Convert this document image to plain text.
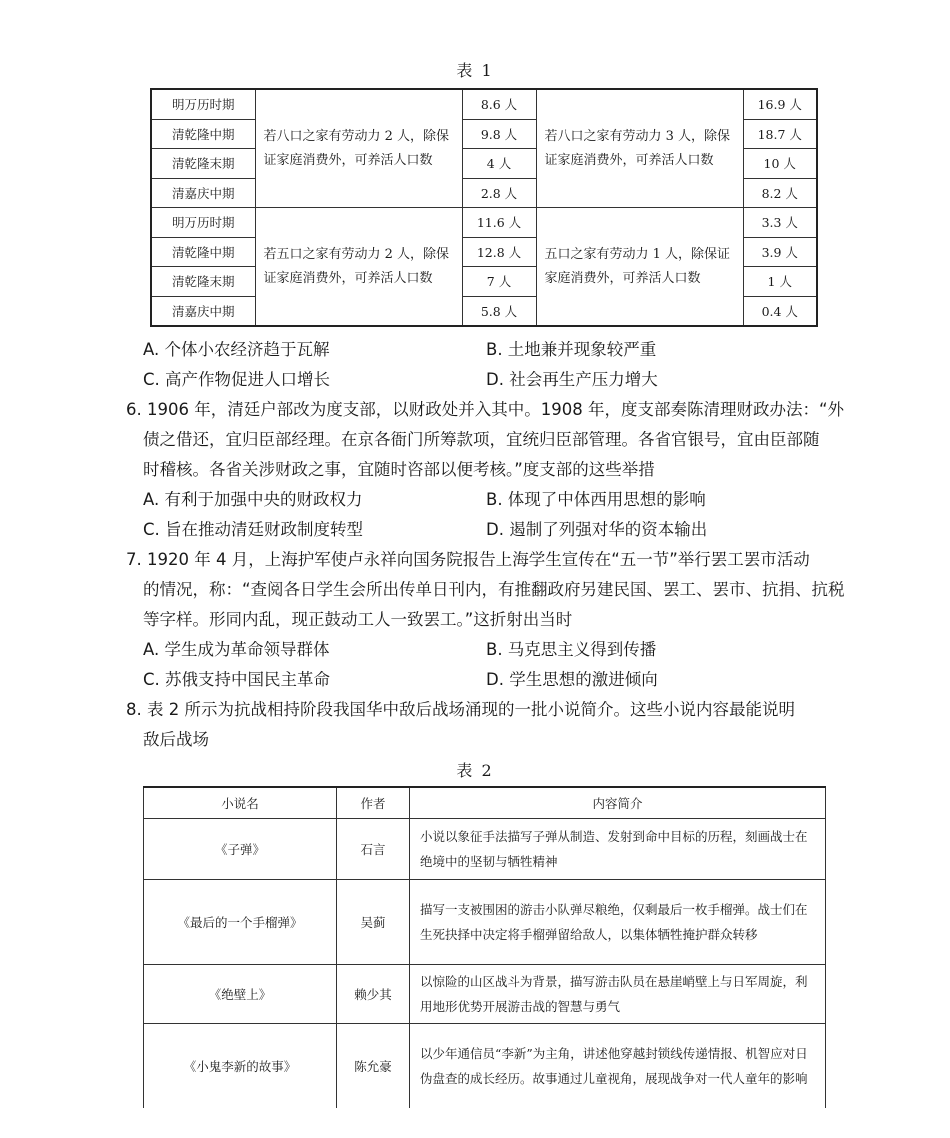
表 1
明万历时期	若八口之家有劳动力 2 人，除保证家庭消费外，可养活人口数	8.6 人	若八口之家有劳动力 3 人，除保证家庭消费外，可养活人口数	16.9 人
清乾隆中期		9.8 人		18.7 人
清乾隆末期		4 人		10 人
清嘉庆中期		2.8 人		8.2 人
明万历时期	若五口之家有劳动力 2 人，除保证家庭消费外，可养活人口数	11.6 人	五口之家有劳动力 1 人，除保证家庭消费外，可养活人口数	3.3 人
清乾隆中期		12.8 人		3.9 人
清乾隆末期		7 人		1 人
清嘉庆中期		5.8 人		0.4 人
A. 个体小农经济趋于瓦解	B. 土地兼并现象较严重
C. 高产作物促进人口增长	D. 社会再生产压力增大
6. 1906 年，清廷户部改为度支部，以财政处并入其中。1908 年，度支部奏陈清理财政办法：“外
债之借还，宜归臣部经理。在京各衙门所筹款项，宜统归臣部管理。各省官银号，宜由臣部随
时稽核。各省关涉财政之事，宜随时咨部以便考核。”度支部的这些举措
A. 有利于加强中央的财政权力	B. 体现了中体西用思想的影响
C. 旨在推动清廷财政制度转型	D. 遏制了列强对华的资本输出
7. 1920 年 4 月，上海护军使卢永祥向国务院报告上海学生宣传在“五一节”举行罢工罢市活动
的情况，称：“查阅各日学生会所出传单日刊内，有推翻政府另建民国、罢工、罢市、抗捐、抗税
等字样。形同内乱，现正鼓动工人一致罢工。”这折射出当时
A. 学生成为革命领导群体	B. 马克思主义得到传播
C. 苏俄支持中国民主革命	D. 学生思想的激进倾向
8. 表 2 所示为抗战相持阶段我国华中敌后战场涌现的一批小说简介。这些小说内容最能说明
敌后战场
表 2
小说名	作者	内容简介
《子弹》	石言	小说以象征手法描写子弹从制造、发射到命中目标的历程，刻画战士在绝境中的坚韧与牺牲精神
《最后的一个手榴弹》	吴蓟	描写一支被围困的游击小队弹尽粮绝，仅剩最后一枚手榴弹。战士们在生死抉择中决定将手榴弹留给敌人，以集体牺牲掩护群众转移
《绝壁上》	赖少其	以惊险的山区战斗为背景，描写游击队员在悬崖峭壁上与日军周旋，利用地形优势开展游击战的智慧与勇气
《小鬼李新的故事》	陈允豪	以少年通信员“李新”为主角，讲述他穿越封锁线传递情报、机智应对日伪盘查的成长经历。故事通过儿童视角，展现战争对一代人童年的影响
